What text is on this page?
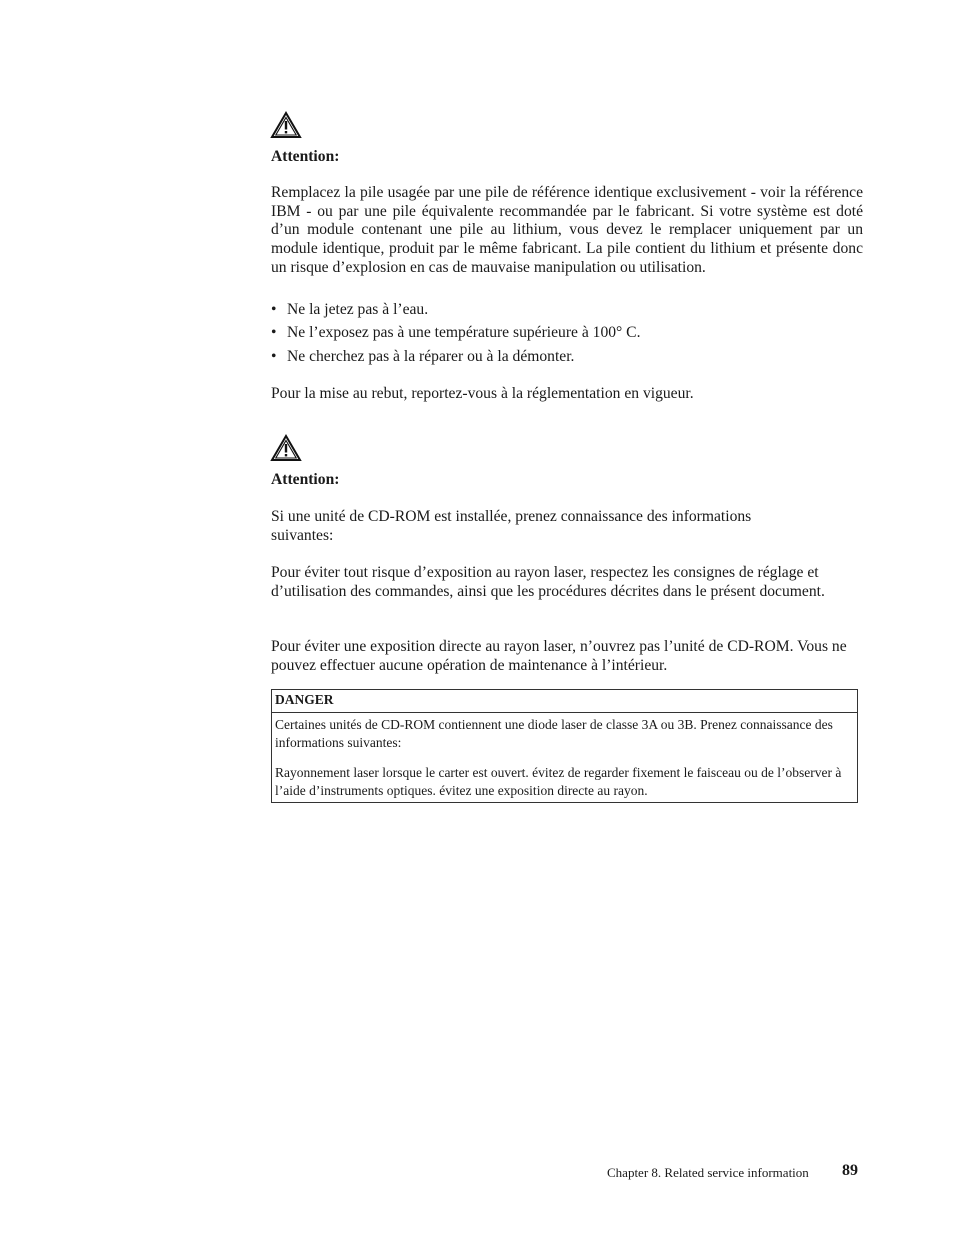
Attention:
Remplacez la pile usagée par une pile de référence identique exclusivement - voir la référence IBM - ou par une pile équivalente recommandée par le fabricant. Si votre système est doté d’un module contenant une pile au lithium, vous devez le remplacer uniquement par un module identique, produit par le même fabricant. La pile contient du lithium et présente donc un risque d’explosion en cas de mauvaise manipulation ou utilisation.
• Ne la jetez pas à l’eau.
• Ne l’exposez pas à une température supérieure à 100° C.
• Ne cherchez pas à la réparer ou à la démonter.
Pour la mise au rebut, reportez-vous à la réglementation en vigueur.
Attention:
Si une unité de CD-ROM est installée, prenez connaissance des informations suivantes:
Pour éviter tout risque d’exposition au rayon laser, respectez les consignes de réglage et d’utilisation des commandes, ainsi que les procédures décrites dans le présent document.
Pour éviter une exposition directe au rayon laser, n’ouvrez pas l’unité de CD-ROM. Vous ne pouvez effectuer aucune opération de maintenance à l’intérieur.
DANGER
Certaines unités de CD-ROM contiennent une diode laser de classe 3A ou 3B. Prenez connaissance des informations suivantes:
Rayonnement laser lorsque le carter est ouvert. évitez de regarder fixement le faisceau ou de l’observer à l’aide d’instruments optiques. évitez une exposition directe au rayon.
Chapter 8. Related service information 89
